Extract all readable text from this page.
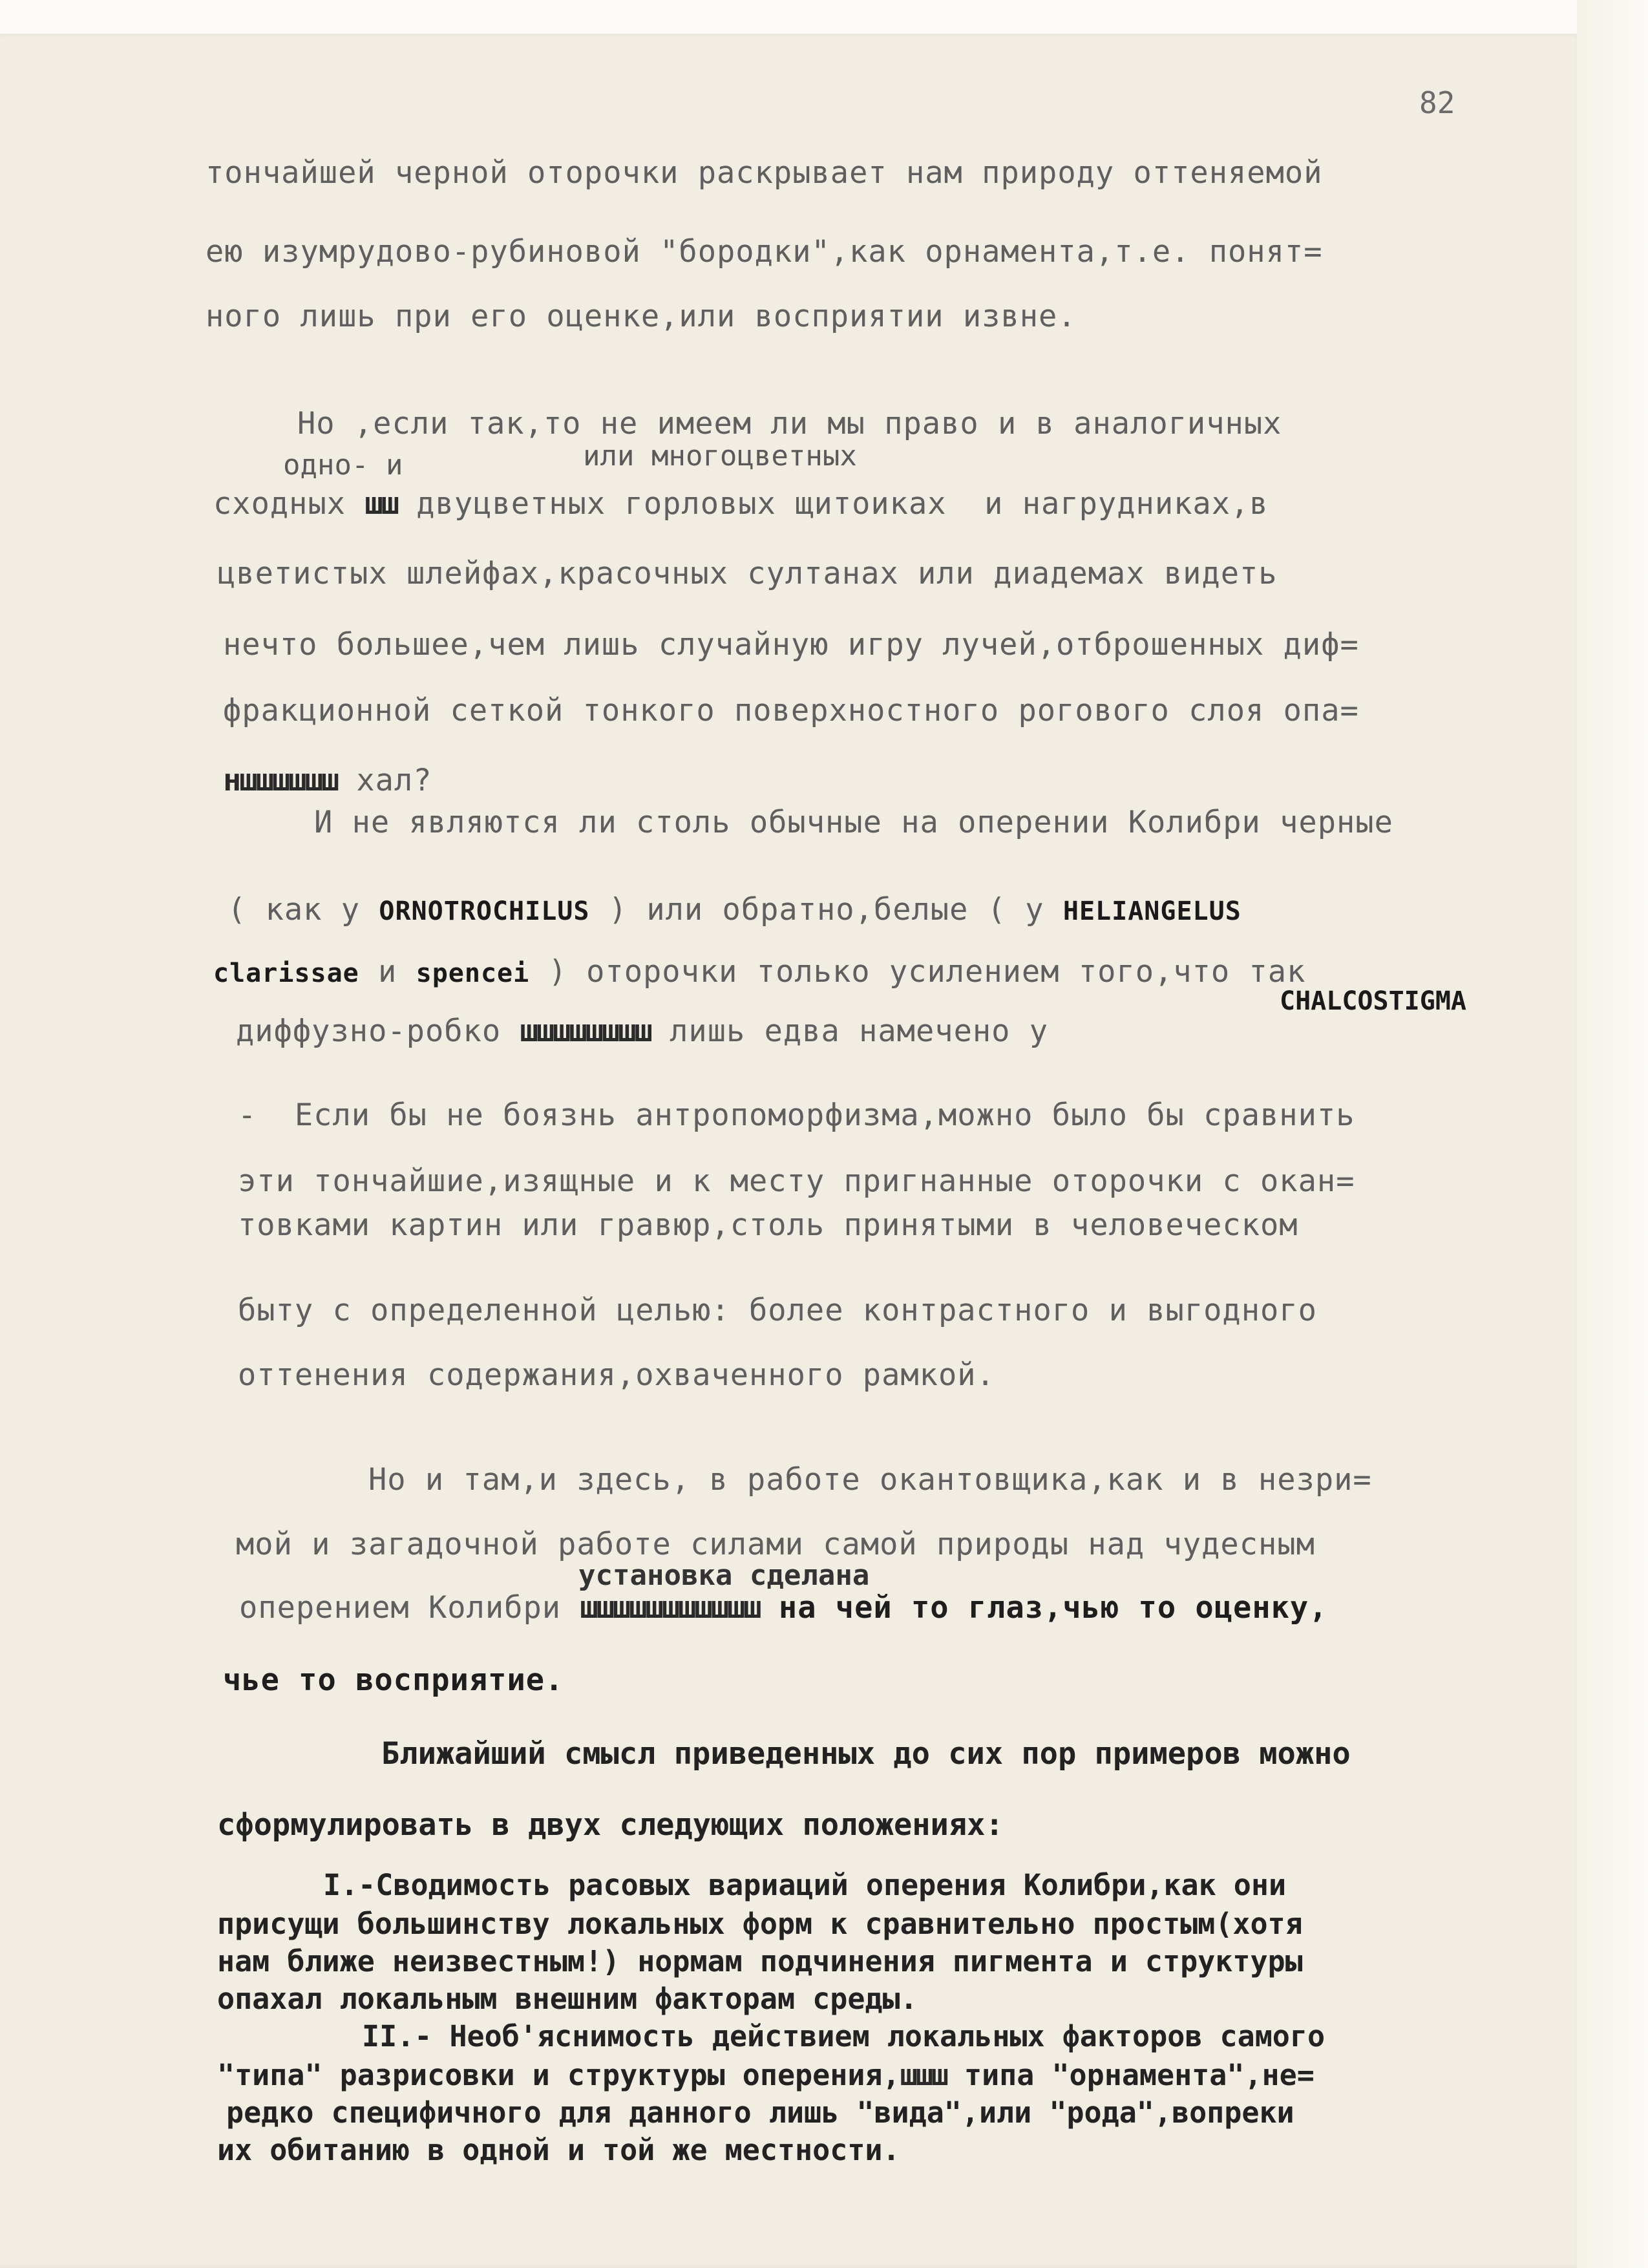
82
тончайшей черной оторочки раскрывает нам природу оттеняемой
ею изумрудово-рубиновой "бородки",как орнамента,т.е. понят=
ного лишь при его оценке,или восприятии извне.
Но ,если так,то не имеем ли мы право и в аналогичных
одно- и	или многоцветных
сходных шш двуцветных горловых щитоиках  и нагрудниках,в
цветистых шлейфах,красочных султанах или диадемах видеть
нечто большее,чем лишь случайную игру лучей,отброшенных диф=
фракционной сеткой тонкого поверхностного рогового слоя опа=
ншшшшшш хал?
И не являются ли столь обычные на оперении Колибри черные
( как у ORNOTROCHILUS ) или обратно,белые ( у HELIANGELUS
clarissae и spencei ) оторочки только усилением того,что так
CHALCOSTIGMA
диффузно-робко шшшшшшшш лишь едва намечено у
-  Если бы не боязнь антропоморфизма,можно было бы сравнить
эти тончайшие,изящные и к месту пригнанные оторочки с окан=
товками картин или гравюр,столь принятыми в человеческом
быту с определенной целью: более контрастного и выгодного
оттенения содержания,охваченного рамкой.
Но и там,и здесь, в работе окантовщика,как и в незри=
мой и загадочной работе силами самой природы над чудесным
установка сделана
оперением Колибри шшшшшшшшшшш на чей то глаз,чью то оценку,
чье то восприятие.
Ближайший смысл приведенных до сих пор примеров можно
сформулировать в двух следующих положениях:
I.-Сводимость расовых вариаций оперения Колибри,как они
присущи большинству локальных форм к сравнительно простым(хотя
нам ближе неизвестным!) нормам подчинения пигмента и структуры
опахал локальным внешним факторам среды.
II.- Необ'яснимость действием локальных факторов самого
"типа" разрисовки и структуры оперения,шшш типа "орнамента",не=
редко специфичного для данного лишь "вида",или "рода",вопреки
их обитанию в одной и той же местности.
